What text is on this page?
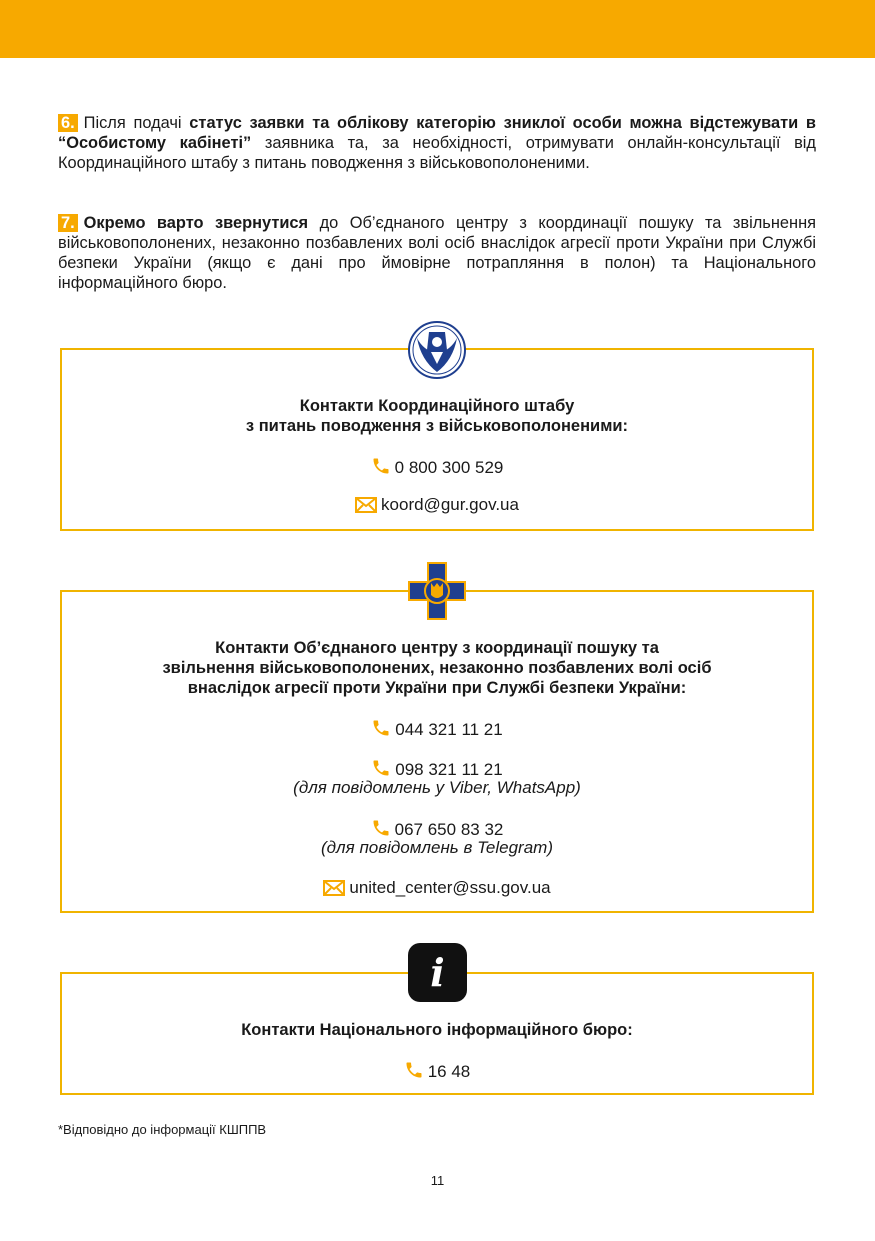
6. Після подачі статус заявки та облікову категорію зниклої особи можна відстежувати в “Особистому кабінеті” заявника та, за необхідності, отримувати онлайн-консультації від Координаційного штабу з питань поводження з військовополоненими.
7. Окремо варто звернутися до Об’єднаного центру з координації пошуку та звільнення військовополонених, незаконно позбавлених волі осіб внаслідок агресії проти України при Службі безпеки України (якщо є дані про ймовірне потрапляння в полон) та Національного інформаційного бюро.
Контакти Координаційного штабу
з питань поводження з військовополоненими:
0 800 300 529
koord@gur.gov.ua
Контакти Об’єднаного центру з координації пошуку та
звільнення військовополонених, незаконно позбавлених волі осіб
внаслідок агресії проти України при Службі безпеки України:
044 321 11 21
098 321 11 21
(для повідомлень у Viber, WhatsApp)
067 650 83 32
(для повідомлень в Telegram)
united_center@ssu.gov.ua
Контакти Національного інформаційного бюро:
16 48
i
*Відповідно до інформації КШППВ
11
